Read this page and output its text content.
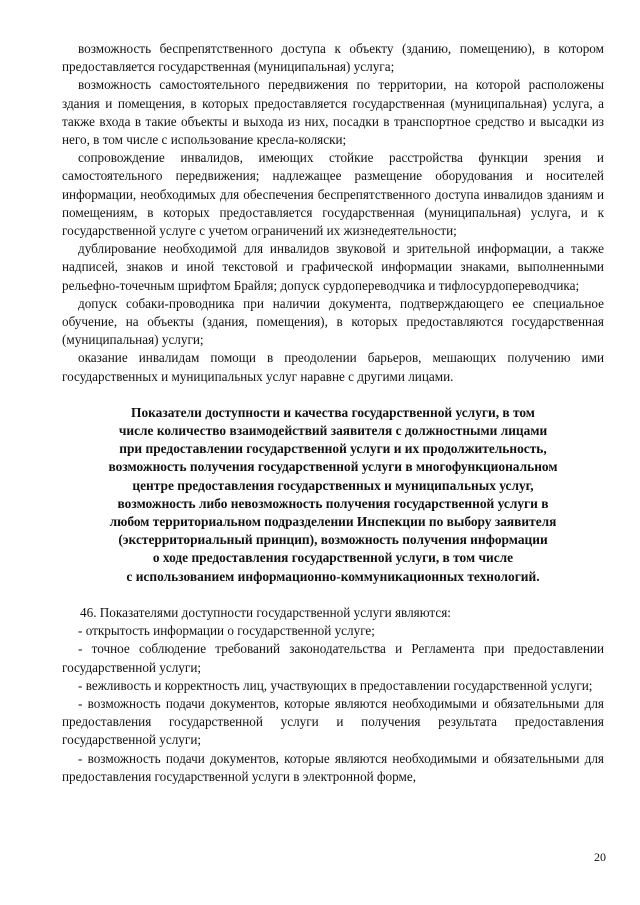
возможность беспрепятственного доступа к объекту (зданию, помещению), в котором предоставляется государственная (муниципальная) услуга;

возможность самостоятельного передвижения по территории, на которой расположены здания и помещения, в которых предоставляется государственная (муниципальная) услуга, а также входа в такие объекты и выхода из них, посадки в транспортное средство и высадки из него, в том числе с использование кресла-коляски;

сопровождение инвалидов, имеющих стойкие расстройства функции зрения и самостоятельного передвижения; надлежащее размещение оборудования и носителей информации, необходимых для обеспечения беспрепятственного доступа инвалидов зданиям и помещениям, в которых предоставляется государственная (муниципальная) услуга, и к государственной услуге с учетом ограничений их жизнедеятельности;

дублирование необходимой для инвалидов звуковой и зрительной информации, а также надписей, знаков и иной текстовой и графической информации знаками, выполненными рельефно-точечным шрифтом Брайля; допуск сурдопереводчика и тифлосурдопереводчика;

допуск собаки-проводника при наличии документа, подтверждающего ее специальное обучение, на объекты (здания, помещения), в которых предоставляются государственная (муниципальная) услуги;

оказание инвалидам помощи в преодолении барьеров, мешающих получению ими государственных и муниципальных услуг наравне с другими лицами.

Показатели доступности и качества государственной услуги, в том
числе количество взаимодействий заявителя с должностными лицами
при предоставлении государственной услуги и их продолжительность,
возможность получения государственной услуги в многофункциональном
центре предоставления государственных и муниципальных услуг,
возможность либо невозможность получения государственной услуги в
любом территориальном подразделении Инспекции по выбору заявителя
(экстерриториальный принцип), возможность получения информации
о ходе предоставления государственной услуги, в том числе
с использованием информационно-коммуникационных технологий.

46. Показателями доступности государственной услуги являются:

- открытость информации о государственной услуге;

- точное соблюдение требований законодательства и Регламента при предоставлении государственной услуги;

- вежливость и корректность лиц, участвующих в предоставлении государственной услуги;

- возможность подачи документов, которые являются необходимыми и обязательными для предоставления государственной услуги и получения результата предоставления государственной услуги;

- возможность подачи документов, которые являются необходимыми и обязательными для предоставления государственной услуги в электронной форме,

20
